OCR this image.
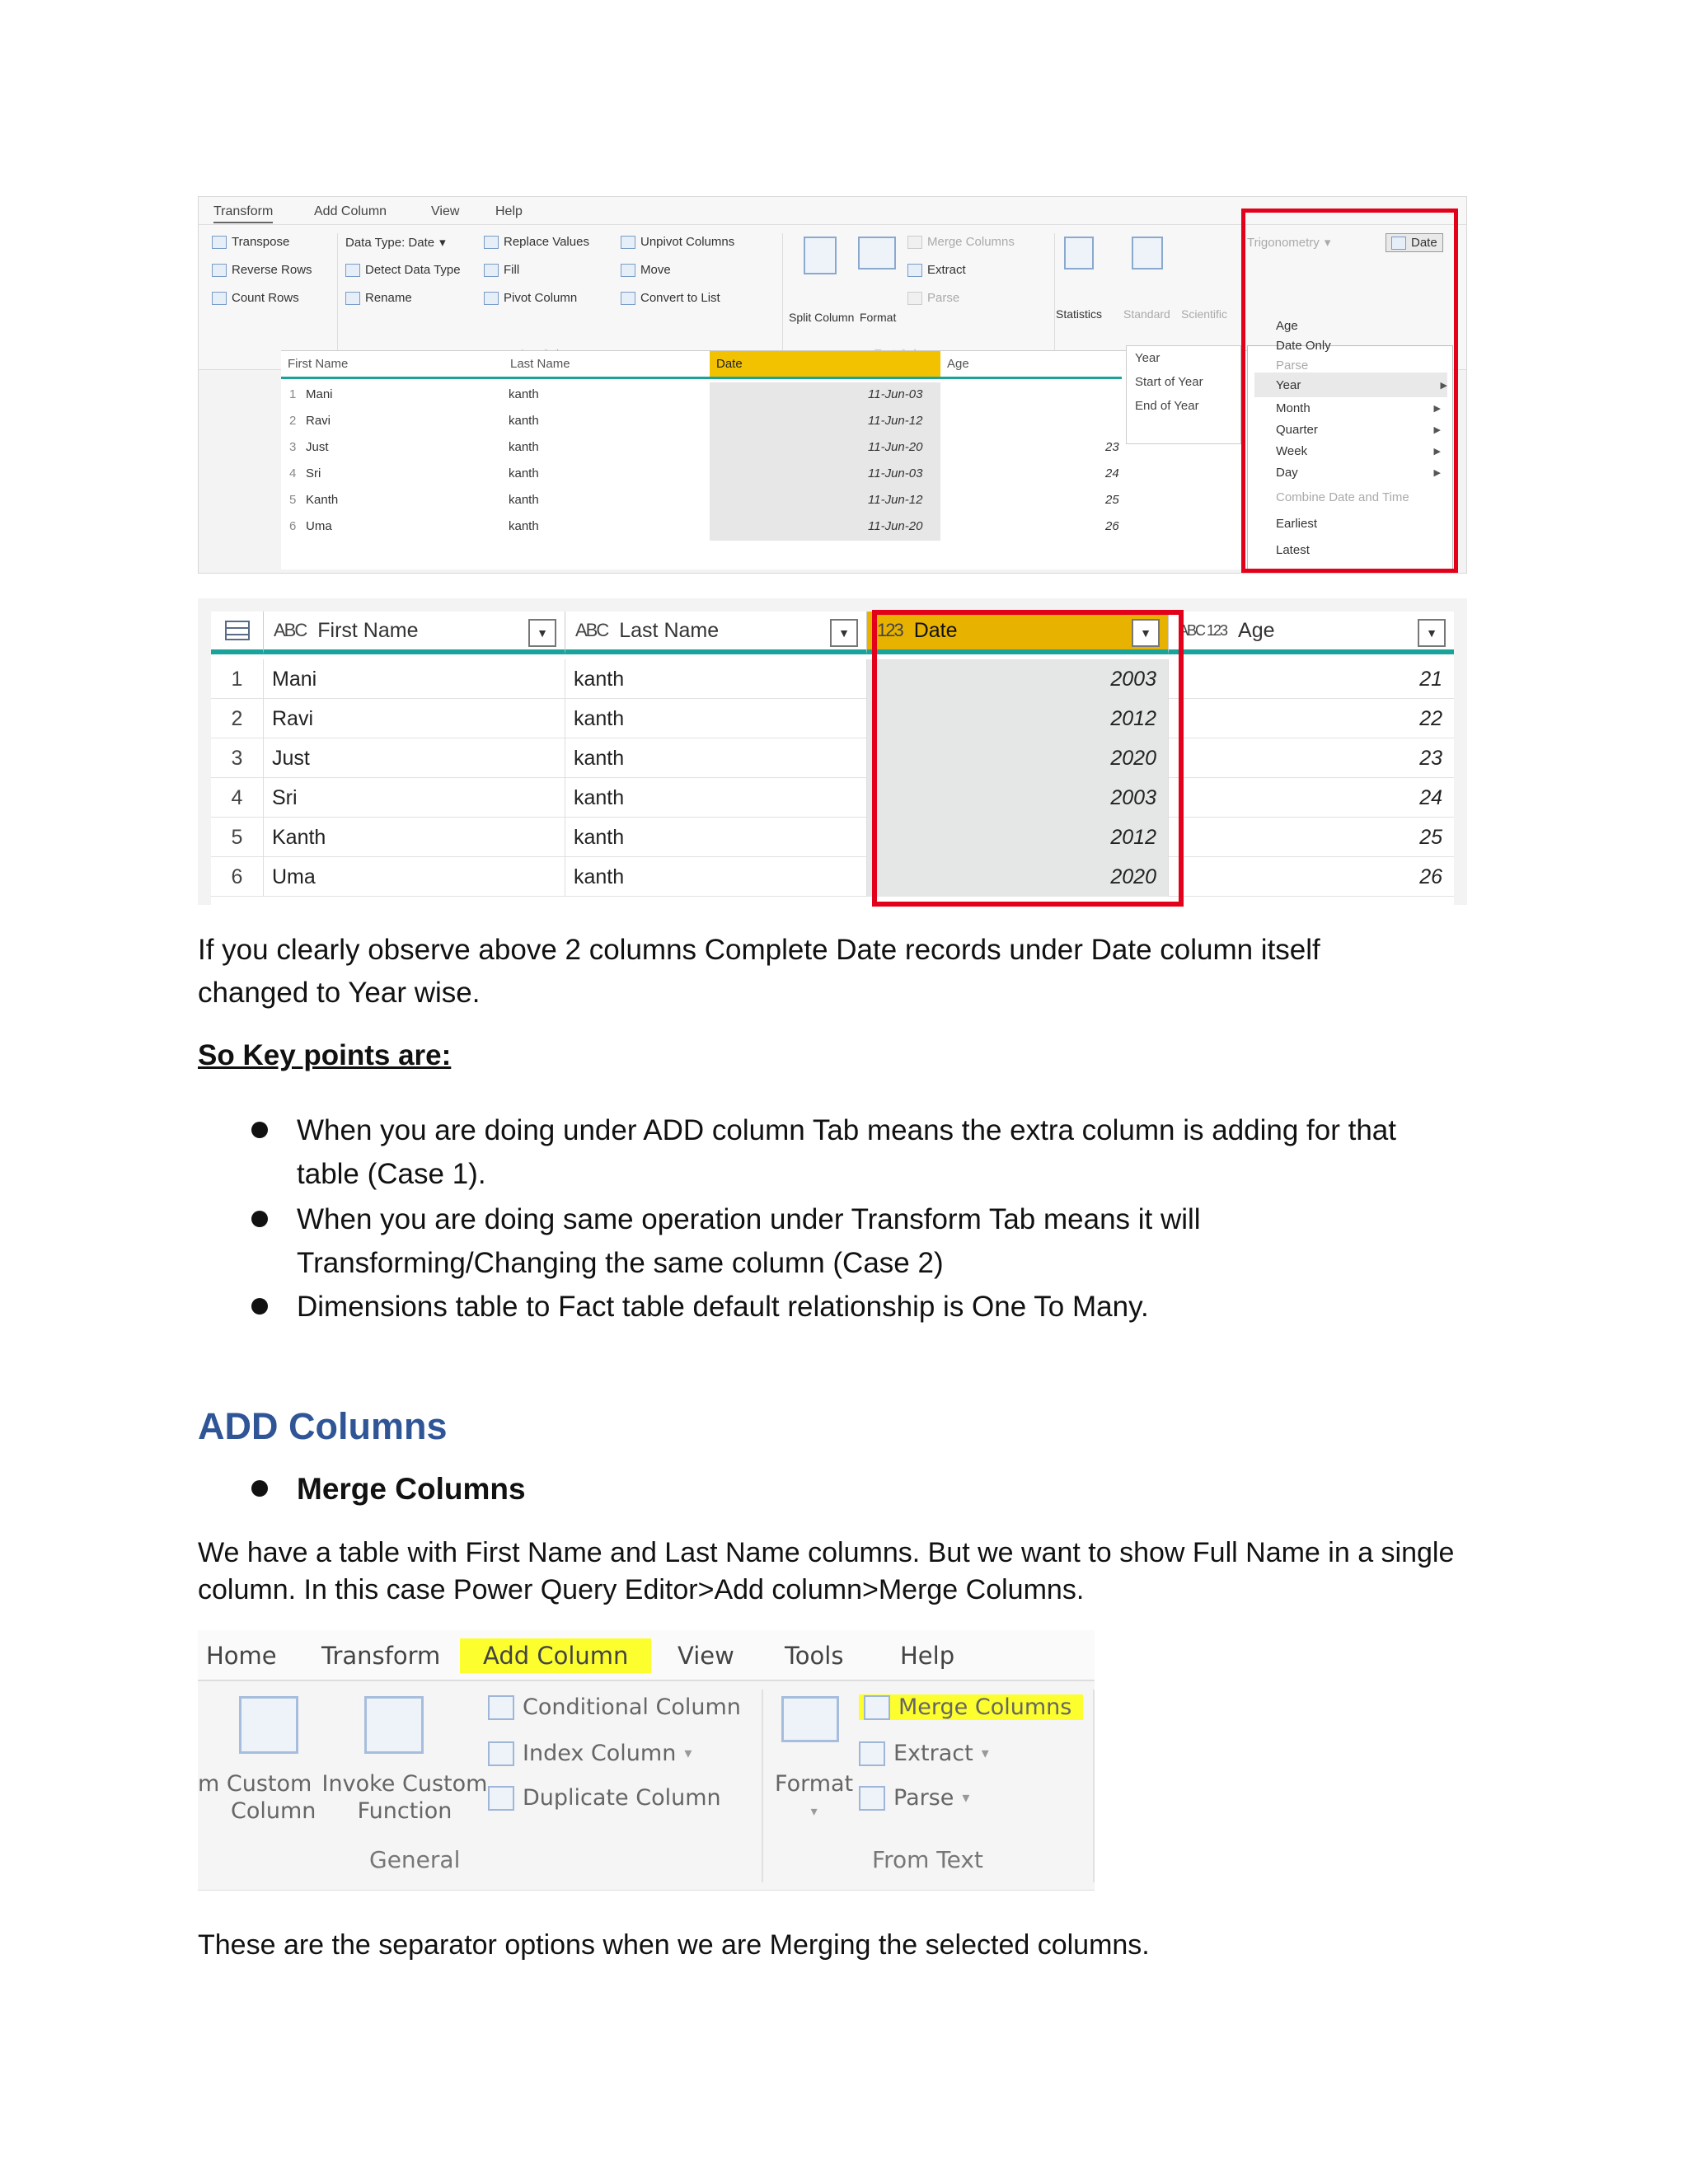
Transform	Add Column	View	Help
Transpose
Reverse Rows
Count Rows
Data Type: Date ▾
Detect Data Type
Rename
Replace Values
Fill
Pivot Column
Unpivot Columns
Move
Convert to List
Split Column Format
Merge Columns
Extract
Parse
Statistics Standard Scientific
Trigonometry ▾	Date
First Name	Last Name	Date	Age
1 Mani	kanth	11-Jun-03
2 Ravi	kanth	11-Jun-12
3 Just	kanth	11-Jun-20	23
4 Sri	kanth	11-Jun-03	24
5 Kanth	kanth	11-Jun-12	25
6 Uma	kanth	11-Jun-20	26
Year
Start of Year
End of Year
Age
Date Only
Parse
Year	▶
Month	▶
Quarter	▶
Week	▶
Day	▶
Combine Date and Time
Earliest
Latest
ABC First Name	▼	ABC Last Name	▼	123 Date	▼	ABC 123 Age	▼
1	Mani	kanth	2003	21
2	Ravi	kanth	2012	22
3	Just	kanth	2020	23
4	Sri	kanth	2003	24
5	Kanth	kanth	2012	25
6	Uma	kanth	2020	26
If you clearly observe above 2 columns Complete Date records under Date column itself
changed to Year wise.
So Key points are:
When you are doing under ADD column Tab means the extra column is adding for that
table (Case 1).
When you are doing same operation under Transform Tab means it will
Transforming/Changing the same column (Case 2)
Dimensions table to Fact table default relationship is One To Many.
ADD Columns
Merge Columns
We have a table with First Name and Last Name columns. But we want to show Full Name in a single
column. In this case Power Query Editor>Add column>Merge Columns.
Home Transform	Add Column	View Tools Help
m Custom
Column
Invoke Custom
Function
Conditional Column
Index Column ▾
Duplicate Column
General
Format
▾
Merge Columns
Extract ▾
Parse ▾
From Text
These are the separator options when we are Merging the selected columns.
